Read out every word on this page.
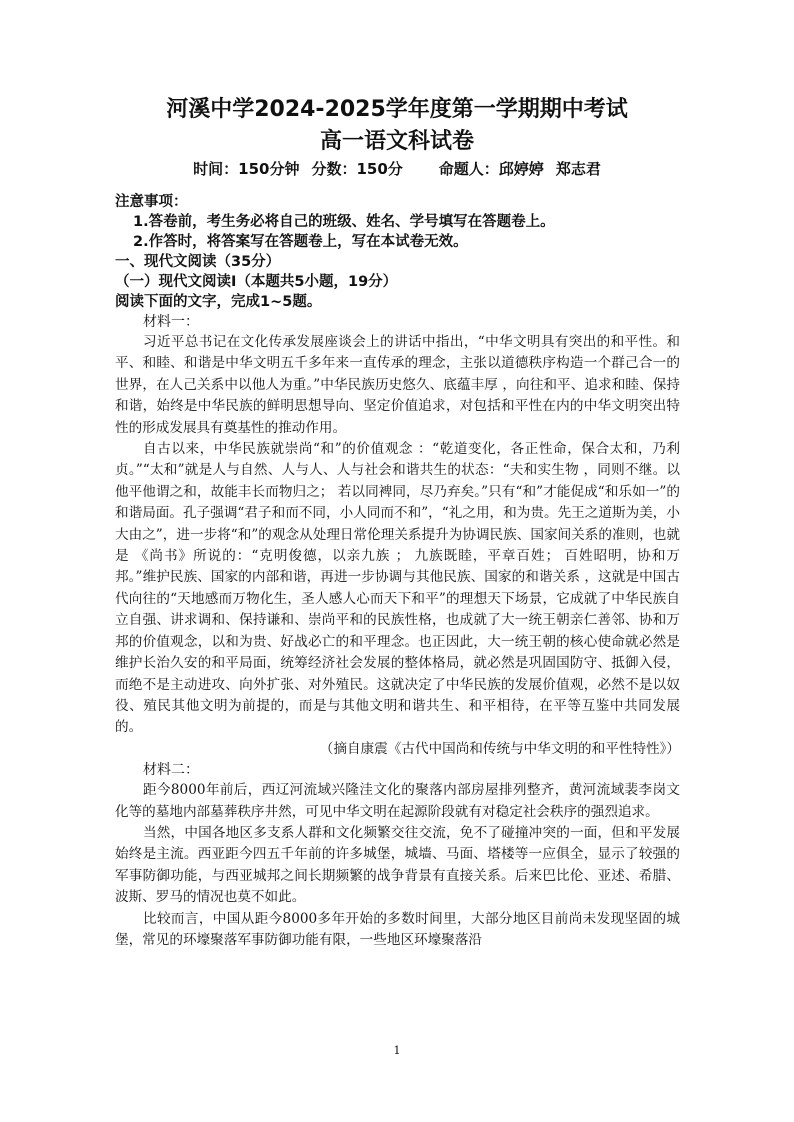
河溪中学2024-2025学年度第一学期期中考试
高一语文科试卷
时间：150分钟 分数：150分 命题人：邱婷婷 郑志君
注意事项：
1.答卷前，考生务必将自己的班级、姓名、学号填写在答题卷上。
2.作答时，将答案写在答题卷上，写在本试卷无效。
一、现代文阅读（35分）
（一）现代文阅读Ⅰ（本题共5小题，19分）
阅读下面的文字，完成1~5题。
材料一：

习近平总书记在文化传承发展座谈会上的讲话中指出，“中华文明具有突出的和平性。和平、和睦、和谐是中华文明五千多年来一直传承的理念，主张以道德秩序构造一个群己合一的世界，在人己关系中以他人为重。”中华民族历史悠久、底蕴丰厚 ，向往和平、追求和睦、保持和谐，始终是中华民族的鲜明思想导向、坚定价值追求，对包括和平性在内的中华文明突出特性的形成发展具有奠基性的推动作用。

自古以来，中华民族就崇尚“和”的价值观念 ：“乾道变化，各正性命，保合太和，乃利贞。”“太和”就是人与自然、人与人、人与社会和谐共生的状态：“夫和实生物 ，同则不继。以他平他谓之和，故能丰长而物归之； 若以同裨同，尽乃弃矣。”只有“和”才能促成“和乐如一”的和谐局面。孔子强调“君子和而不同，小人同而不和”，“礼之用，和为贵。先王之道斯为美，小大由之”，进一步将“和”的观念从处理日常伦理关系提升为协调民族、国家间关系的准则，也就是 《尚书》所说的：“克明俊德，以亲九族 ； 九族既睦，平章百姓； 百姓昭明，协和万邦。”维护民族、国家的内部和谐，再进一步协调与其他民族、国家的和谐关系 ，这就是中国古代向往的“天地感而万物化生，圣人感人心而天下和平”的理想天下场景，它成就了中华民族自立自强、讲求调和、保持谦和、崇尚平和的民族性格，也成就了大一统王朝亲仁善邻、协和万邦的价值观念，以和为贵、好战必亡的和平理念。也正因此，大一统王朝的核心使命就必然是维护长治久安的和平局面，统筹经济社会发展的整体格局，就必然是巩固国防守、抵御入侵，而绝不是主动进攻、向外扩张、对外殖民。这就决定了中华民族的发展价值观，必然不是以奴役、殖民其他文明为前提的，而是与其他文明和谐共生、和平相待，在平等互鉴中共同发展的。

（摘自康震《古代中国尚和传统与中华文明的和平性特性》）

材料二：

距今8000年前后，西辽河流域兴隆洼文化的聚落内部房屋排列整齐，黄河流域裴李岗文化等的墓地内部墓葬秩序井然，可见中华文明在起源阶段就有对稳定社会秩序的强烈追求。

当然，中国各地区多支系人群和文化频繁交往交流，免不了碰撞冲突的一面，但和平发展始终是主流。西亚距今四五千年前的许多城堡，城墙、马面、塔楼等一应俱全，显示了较强的军事防御功能，与西亚城邦之间长期频繁的战争背景有直接关系。后来巴比伦、亚述、希腊、波斯、罗马的情况也莫不如此。

比较而言，中国从距今8000多年开始的多数时间里，大部分地区目前尚未发现坚固的城堡，常见的环壕聚落军事防御功能有限，一些地区环壕聚落沿

1
